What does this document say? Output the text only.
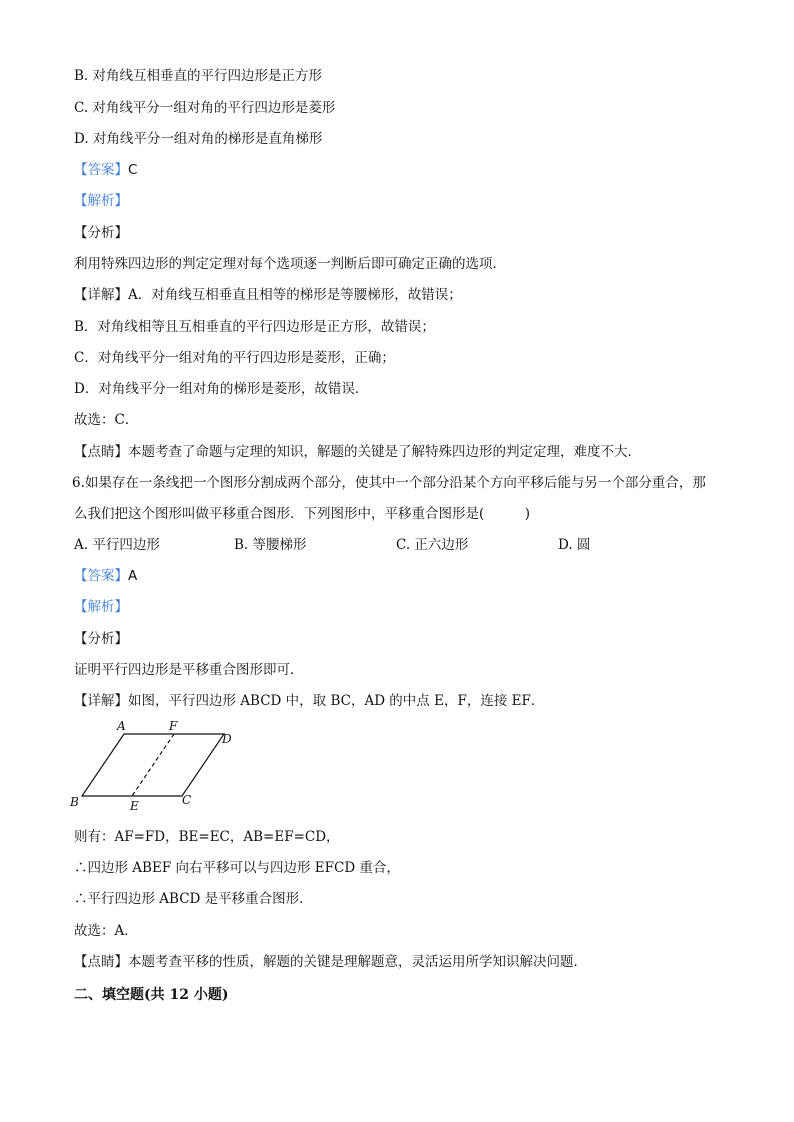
B. 对角线互相垂直的平行四边形是正方形
C. 对角线平分一组对角的平行四边形是菱形
D. 对角线平分一组对角的梯形是直角梯形
【答案】C
【解析】
【分析】
利用特殊四边形的判定定理对每个选项逐一判断后即可确定正确的选项．
【详解】A．对角线互相垂直且相等的梯形是等腰梯形，故错误；
B．对角线相等且互相垂直的平行四边形是正方形，故错误；
C．对角线平分一组对角的平行四边形是菱形，正确；
D．对角线平分一组对角的梯形是菱形，故错误．
故选：C．
【点睛】本题考查了命题与定理的知识，解题的关键是了解特殊四边形的判定定理，难度不大．
6.如果存在一条线把一个图形分割成两个部分，使其中一个部分沿某个方向平移后能与另一个部分重合，那
么我们把这个图形叫做平移重合图形．下列图形中，平移重合图形是(　　　)
A. 平行四边形	B. 等腰梯形	C. 正六边形	D. 圆
【答案】A
【解析】
【分析】
证明平行四边形是平移重合图形即可．
【详解】如图，平行四边形 ABCD 中，取 BC，AD 的中点 E，F，连接 EF．
A	F
D
B	E	C
则有：AF=FD，BE=EC，AB=EF=CD，
∴四边形 ABEF 向右平移可以与四边形 EFCD 重合，
∴平行四边形 ABCD 是平移重合图形．
故选：A．
【点睛】本题考查平移的性质，解题的关键是理解题意，灵活运用所学知识解决问题．
二、填空题(共 12 小题)
